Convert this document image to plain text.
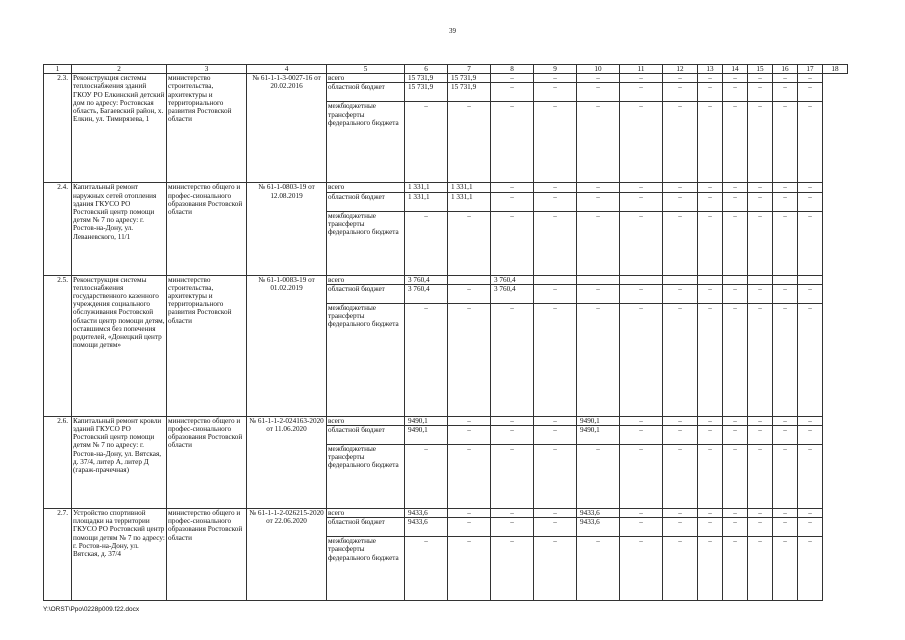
39
1	2	3	4	5	6	7	8	9	10	11	12	13	14	15	16	17	18
2.3.	Реконструкция системы теплоснабжения зданий ГКОУ РО Елкинский детский дом по адресу: Ростовская область, Багаевский район, х. Елкин, ул. Тимирязева, 1	министерство строительства, архитектуры и территориального развития Ростовской области	№ 61-1-1-3-0027-16 от 20.02.2016	всего	15 731,9	15 731,9	–	–	–	–	–	–	–	–	–	–	
				областной бюджет	15 731,9	15 731,9	–	–	–	–	–	–	–	–	–	–	
				межбюджетные трансферты федерального бюджета	–	–	–	–	–	–	–	–	–	–	–	–	
2.4.	Капитальный ремонт наружных сетей отопления здания ГКУСО РО Ростовский центр помощи детям № 7 по адресу: г. Ростов-на-Дону, ул. Леваневского, 11/1	министерство общего и профес-сионального образования Ростовской области	№ 61-1-0803-19 от 12.08.2019	всего	1 331,1	1 331,1	–	–	–	–	–	–	–	–	–	–	
				областной бюджет	1 331,1	1 331,1	–	–	–	–	–	–	–	–	–	–	
				межбюджетные трансферты федерального бюджета	–	–	–	–	–	–	–	–	–	–	–	–	
2.5.	Реконструкция системы теплоснабжения государственного казенного учреждения социального обслуживания Ростовской области центр помощи детям, оставшимся без попечения родителей, «Донецкий центр помощи детям»	министерство строительства, архитектуры и территориального развития Ростовской области	№ 61-1-0083-19 от 01.02.2019	всего	3 760,4		3 760,4										
				областной бюджет	3 760,4	–	3 760,4	–	–	–	–	–	–	–	–	–	
				межбюджетные трансферты федерального бюджета	–	–	–	–	–	–	–	–	–	–	–	–	
2.6.	Капитальный ремонт кровли зданий ГКУСО РО Ростовский центр помощи детям № 7 по адресу: г. Ростов-на-Дону, ул. Вятская, д. 37/4, литер А, литер Д (гараж-прачечная)	министерство общего и профес-сионального образования Ростовской области	№ 61-1-1-2-024163-2020 от 11.06.2020	всего	9490,1	–	–	–	9490,1	–	–	–	–	–	–	–	
				областной бюджет	9490,1	–	–	–	9490,1	–	–	–	–	–	–	–	
				межбюджетные трансферты федерального бюджета	–	–	–	–	–	–	–	–	–	–	–	–	
2.7.	Устройство спортивной площадки на территории ГКУСО РО Ростовский центр помощи детям № 7 по адресу: г. Ростов-на-Дону, ул. Вятская, д. 37/4	министерство общего и профес-сионального образования Ростовской области	№ 61-1-1-2-026215-2020 от 22.06.2020	всего	9433,6	–	–	–	9433,6	–	–	–	–	–	–	–	
				областной бюджет	9433,6	–	–	–	9433,6	–	–	–	–	–	–	–	
				межбюджетные трансферты федерального бюджета	–	–	–	–	–	–	–	–	–	–	–	–	
Y:\ORST\Ppo\0228p009.f22.docx
